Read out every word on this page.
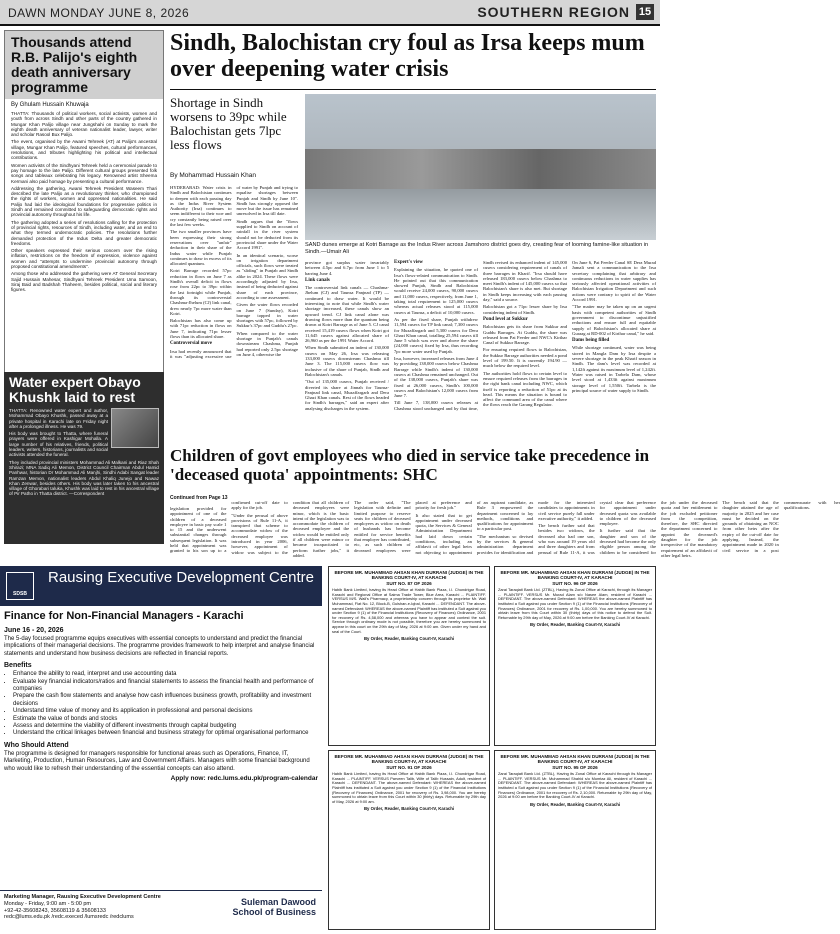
DAWN MONDAY JUNE 8, 2026	SOUTHERN REGION 15
Thousands attend R.B. Palijo's eighth death anniversary programme
By Ghulam Hussain Khuwaja

THATTA: Thousands of political workers, social activists, women and youth from across Sindh and other parts of the country gathered in Mungar Khan Palijo village near Jungshahi on Sunday to mark the eighth death anniversary of veteran nationalist leader, lawyer, writer and scholar Rasool Bux Palijo.

The event, organised by the Awami Tehreek (AT) at Palijo's ancestral village, Mungar Khan Palijo, featured speeches, cultural performances, resolutions, and tributes highlighting his political and intellectual contributions.

Women activists of the Sindhyani Tehreek held a ceremonial parade to pay homage to the late Palijo. Different cultural groups presented folk songs and tableaux celebrating his legacy. Renowned artist Sheema Kermani also paid homage by presenting a cultural performance.

Addressing the gathering, Awami Tehreek President Waseem Thari described the late Palijo as a revolutionary thinker, who championed the rights of workers, women and oppressed nationalities. He said Palijo had laid the ideological foundations for progressive politics in Sindh and remained committed to safeguarding democratic rights and provincial autonomy throughout his life.

The gathering adopted a series of resolutions calling for the protection of provincial rights, resources of Sindh, including water, and an end to what they termed undemocratic policies. The resolutions further demanded protection of the Indus Delta and greater democratic freedoms.

Other speakers expressed their serious concern over the rising inflation, restrictions on the freedom of expression, violence against women and "attempts to undermine provincial autonomy through proposed constitutional amendments".

Among those who addressed the gathering were AT General Secretary Sajid Hussain Mahesar, Sindhyani Tehreek President Uma Samoon, Siraj Baid and Badshah Thaheem, besides political, social and literary figures.

Water expert Obayo Khushk laid to rest

THATTA: Renowned water expert and author, Mohammad Obayo Khushk, passed away at a private hospital in Karachi late on Friday night after a prolonged illness. He was 79.

His body was brought to Thatta, where funeral prayers were offered in Kashigar Mohalla. A large number of his relatives, friends, political leaders, writers, historians, journalists and social activists attended the funeral.

They included provincial ministers Mohammad Ali Malkani and Riaz Shah Shirazi; MNA Sadiq Ali Memon, District Council Chairman Abdul Hamid Panhwar, historian Dr Mohammad Ali Manjhi, Sindhi Adabi Sangat leader Ramzan Memon, nationalist leaders Abdul Khaliq Junejo and Nawaz Khan Zenwar, besides others. His body was later taken to his ancestral village of Ghorabari taluka, Khushk was laid to rest in his ancestral village of Pir Patho in Thatta district. —Correspondent

Sindh, Balochistan cry foul as Irsa keeps mum over deepening water crisis
Shortage in Sindh worsens to 39pc while Balochistan gets 7lpc less flows
By Mohammad Hussain Khan
SAND dunes emerge at Kotri Barrage as the Indus River across Jamshoro district goes dry, creating fear of looming famine-like situation in Sindh.—Umair Ali

HYDERABAD: Water crisis in Sindh and Balochistan continues to deepen with each passing day as the Indus River System Authority (Irsa) continues to seem indifferent to their woe and cry constantly being raised over the last few weeks.

The two smaller provinces have been expressing their strong reservations over "unfair" deduction in their share of the Indus water while Punjab continues to draw in excess of its allocated quantum.

Kotri Barrage recorded 57pc reduction in flows on June 7 as Sindh's overall deficit in flows rose from 22pc to 39pc within the last fortnight while Punjab, through its controversial Chashma-Jhelum (CJ) link canal, drew nearly 7pc more water than Kotri.

Balochistan has also come up with 71pc reduction in flows on June 7, indicating 71pc lesser flows than its allocated share.

Controversial move

Irsa had recently announced that it was "adjusting excessive use of water by Punjab and trying to equalise shortages between Punjab and Sindh by June 10". Sindh has strongly opposed the move but the issue has remained unresolved in Irsa till date.

Sindh argues that the "flows supplied to Sindh on account of rainfall in the river system should not be deducted from its provincial share under the Water Accord 1991".

In an identical scenario, worse on irrigation department officials, such flows were treated as "sliding" in Punjab and Sindh alike in 2024. These flows were accordingly adjusted by Irsa, instead of being deducted against share of each province, according to one assessment.

Given the water flows recorded on June 7 (Sunday), Kotri barrage topped in water shortages with 57pc, followed by Sukkur's 37pc and Guddu's 27pc.

When compared to the water shortage in Punjab's canals downstream Chashma, Punjab had reported only 2.5pc shortage on June 4, otherwise the

province got surplus water invariably between 4.5pc and 6.7pc from June 1 to 5 barring June 4.

Link canals

The controversial link canals — Chashma-Jhelum (CJ) and Taunsa Panjnad (TP) — continued to draw water. It would be interesting to note that while Sindh's water shortage increased, these canals show an upward trend. CJ link canal alone was drawing flows more than the quantum being drawn at Kotri Barrage as of June 5. CJ canal received 15,419 cusecs flows when Kotri got 11,645 cusecs against allocated share of 26,960 as per the 1991 Water Accord.

When Sindh submitted an indent of 130,000 cusecs on May 26, Irsa was releasing 133,000 cusecs downstream Chashma till June 3. The 115,000 cusecs flow was inclusive of the share of Punjab, Sindh and Balochistan's canals.

"Out of 135,000 cusecs, Punjab received / diverted its share at Jinnah for Taunsa-Panjnad link canal, Muzaffargarh and Dera Ghazi Khan canals. Rest of the flows headed for Sindh's barrages," said an expert after analysing discharges in the system.

Expert's view

Explaining the situation, he quoted one of Irsa's flows-related communication to Sindh. He pointed out that this communication showed Punjab, Sindh and Balochistan would receive 24,000 cusecs, 90,000 cusecs and 11,000 cusecs, respectively, from June 1, taking total requirement to 125,000 cusecs whereas actual releases stood at 115,000 cusecs at Taunsa, a deficit of 10,000 cusecs.

As per the fixed share, Punjab withdrew 11,594 cusecs for TP link canal; 7,300 cusecs for Muzaffargarh and 5,300 cusecs for Dera Ghazi Khan canal, totalling 25,594 cusecs till June 5 which was over and above the share (24,000 cusecs) fixed by Irsa, thus recording 7pc more water used by Punjab.

Irsa, however, increased releases from June 4 by providing 138,000 cusecs below Chashma Barrage while Sindh's indent of 130,000 cusecs at Chashma remained unchanged. Out of the 138,000 cusecs, Punjab's share was fixed at 26,000 cusecs, Sindh's 100,000 cusecs and Balochistan's 12,000 cusecs from June 7.

Till June 7, 138,000 cusecs releases at Chashma stood unchanged and by that time, Sindh revised its enhanced indent of 145,000 cusecs considering requirement of canals of three barrages in Kharif. "Irsa should have released 183,000 cusecs below Chashma to meet Sindh's indent of 145,000 cusecs so that Balochistan's share is also met. But shortage in Sindh keeps increasing with each passing day," said a source.

Balochistan got a 71pc lesser share by Irsa considering indent of Sindh.

Pond level at Sukkur

Balochistan gets its share from Sukkur and Guddu Barrages. At Guddu, the share was released from Pat Feeder and NWC's Kirthar Canal of Sukkur Barrage.

For ensuring required flows to Balochistan, the Sukkur Barrage authorities needed a pond level of 199.50. It is currently 194.90 — much below the required level.

The authorities hold flows to certain level to ensure required releases from the barrages in the right bank canal including NWC, which itself is reporting a reduction of 51pc at its head. This means the situation is bound to affect the command area of the canal where the flows reach the Garang Regulator.

On June 6, Pat Feeder Canal SE Dera Murad Jamali sent a communication to the Irsa secretary complaining that arbitrary and continuous reductions in water supplies has seriously affected operational activities of Balochistan Irrigation Department and such actions were contrary to spirit of the Water Accord 1991.

"The matter may be taken up on an urgent basis with competent authorities of Sindh government to discontinue unjustified reductions and ensure full and equitable supply of Balochistan's allocated share at Guraag at RD-002 of Kirthar canal," he said.

Dams being filled

While shortage continued, water was being stored in Mangla Dam by Irsa despite a severe shortage in the peak Kharif season in Sindh. The dam's level was recorded at 1,142ft against its maximum level of 1,242ft. Water was raised in Tarbela Dam, whose level stood at 1,433ft against maximum storage level of 1,550ft. Tarbela is the principal source of water supply to Sindh.

Children of govt employees who died in service take precedence in 'deceased quota' appointments: SHC
Continued from Page 13

legislation provided for appointment of one of the children of a deceased employee in basic pay scale 1 to 15 and the underwent substantial changes through subsequent legislation. It was held that appointment was granted to his son up to a confirmed cut-off date to apply for the job.

"Under the perusal of above provisions of Rule 11-A, it transpired that scheme to accommodate widow of the deceased employee was introduced in year 2006, however, appointment of widow was subject to the condition that all children of deceased employees were minor, which is the basic intent of the legislation was to accommodate the children of deceased employee and the widow would be entitled only if all children were minor or became incapacitated to perform further jobs," it added.

The order said, "The legislation with definite and limited purpose to reserve seats for children of deceased employees as widow on death of husbands has become entitled for service benefits that employer has contributed, etc, as such children of deceased employees were placed at preference and priority for fresh job."

It also stated that to get appointment under deceased quota, the Services & General Administration Department had laid down certain conditions, including an affidavit of other legal heirs not objecting to appointment of an aspirant candidate, as Rule 3 empowered the department concerned to lay methods, conditions and qualifications for appointment to a particular post.

"The mechanism so devised by the services & general administration department provides for identification and mode for the interested candidates to appointments in civil service purely fall under executive authority," it added.

The bench further said that besides two widows, the deceased also had one son, who was around 19 years old and three daughters and from perusal of Rule 11-A, it was crystal clear that preference for appointment under deceased quota was available to children of the deceased employee.

It further said that the daughter and son of the deceased had become the only eligible person among the children to be considered for the job under the deceased quota and her entitlement to the job excluded petitioner from the competition, therefore, the SHC directed the department concerned to appoint the deceased's daughter for the job irrespective of the mandatory requirement of an affidavit of other legal heirs.

The bench said that the daughter attained the age of majority in 2025 and her case must be decided on the grounds of obtaining an NOC from other heirs after the expiry of the cut-off date for applying. Instead, the appointment made in 2020 in civil service in a post commensurate with her qualifications.

SDSB
Rausing Executive Development Centre
Finance for Non-Financial Managers - Karachi
June 16 - 20, 2026

The 5-day focused programme equips executives with essential concepts to understand and predict the financial implications of their managerial decisions. The programme provides framework to help interpret and analyse financial statements and understand how business decisions are reflected in financial reports.

Benefits
• Enhance the ability to read, interpret and use accounting data
• Evaluate key financial indicators/ratios and financial statements to assess the financial health and performance of companies
• Prepare the cash flow statements and analyse how cash influences business growth, profitability and investment decisions
• Understand time value of money and its application in professional and personal decisions
• Estimate the value of bonds and stocks
• Assess and determine the viability of different investments through capital budgeting
• Understand the critical linkages between financial and business strategy for optimal organisational performance
Who Should Attend

The programme is designed for managers responsible for functional areas such as Operations, Finance, IT, Marketing, Production, Human Resources, Law and Government Affairs. Managers with some financial background who would like to refresh their understanding of the essential concepts can also attend.

Apply now: redc.lums.edu.pk/program-calendar
Marketing Manager, Rausing Executive Development Centre
Monday - Friday, 9:00 am - 5:00 pm
+92-42-35608243, 35608119 & 35608133
redc@lums.edu.pk /redc.execed /lumsredc /redclums
Suleman Dawood School of Business
BEFORE MR. MUHAMMAD AHSAN KHAN DURRANI (JUDGE) IN THE BANKING COURT-IV, AT KARACHI
SUIT NO. 87 OF 2026
Habib Bank Limited, having its Head Office at Habib Bank Plaza, I.I. Chundrigar Road, Karachi and Regional Office at Saima Trade Tower, Blue Area, Karachi ... PLAINTIFF. VERSUS M/S. Wali's Pharmacy, a proprietorship concern through its proprietor Mr. Wali Muhammad, Flat No. 12, Block-B, Gulshan-e-Iqbal, Karachi ... DEFENDANT. The above-named Defendant: WHEREAS the above-named Plaintiff has instituted a Suit against you under Section 9 (1) of the Financial Institutions (Recovery of Finances) Ordinance, 2001 for recovery of Rs. 4,58,000 and whereas you have to appear and contest the suit. Service through ordinary mode is not possible, therefore you are hereby summoned to appear in this court on the 29th day of May, 2026 at 9:00 am. Given under my hand and seal of the Court.
By Order, Reader, Banking Court-IV, Karachi
BEFORE MR. MUHAMMAD AHSAN KHAN DURRANI (JUDGE) IN THE BANKING COURT-IV, AT KARACHI
SUIT NO. 96 OF 2026
Zarai Taraqiati Bank Ltd. (ZTBL), Having its Zonal Office at Karachi, through its Manager ... PLAINTIFF. VERSUS Mr. Murad Alam s/o Nasee Alam, resident of Karachi ... DEFENDANT. The above-named Defendant: WHEREAS the above-named Plaintiff has instituted a Suit against you under Section 9 (1) of the Financial Institutions (Recovery of Finances) Ordinance, 2001 for recovery of Rs. 1,00,000. You are hereby summoned to obtain leave from this Court within 30 (thirty) days of this notice to defend the Suit. Returnable by 29th day of May, 2026 at 9:00 am before the Banking Court-IV at Karachi.
By Order, Reader, Banking Court-IV, Karachi
BEFORE MR. MUHAMMAD AHSAN KHAN DURRANI (JUDGE) IN THE BANKING COURT-IV, AT KARACHI
SUIT NO. 91 OF 2026
Habib Bank Limited, having its Head Office at Habib Bank Plaza, I.I. Chundrigar Road, Karachi ... PLAINTIFF. VERSUS Parveen Talib, Wife of Talib Hussain, Adult, resident of Karachi ... DEFENDANT. The above-named Defendant: WHEREAS the above-named Plaintiff has instituted a Suit against you under Section 9 (1) of the Financial Institutions (Recovery of Finances) Ordinance, 2001 for recovery of Rs. 3,98,000. You are hereby summoned to obtain leave from this Court within 30 (thirty) days. Returnable by 29th day of May, 2026 at 9:00 am.
By Order, Reader, Banking Court-IV, Karachi
BEFORE MR. MUHAMMAD AHSAN KHAN DURRANI (JUDGE) IN THE BANKING COURT-IV, AT KARACHI
SUIT NO. 95 OF 2026
Zarai Taraqiati Bank Ltd. (ZTBL), Having its Zonal Office at Karachi through its Manager ... PLAINTIFF. VERSUS Mr. Muhammad Shahid s/o Mumtaz Ali, resident of Karachi ... DEFENDANT. The above-named Defendant: WHEREAS the above-named Plaintiff has instituted a Suit against you under Section 9 (1) of the Financial Institutions (Recovery of Finances) Ordinance, 2001 for recovery of Rs. 2,10,000. Returnable by 29th day of May, 2026 at 9:00 am before the Banking Court-IV at Karachi.
By Order, Reader, Banking Court-IV, Karachi
